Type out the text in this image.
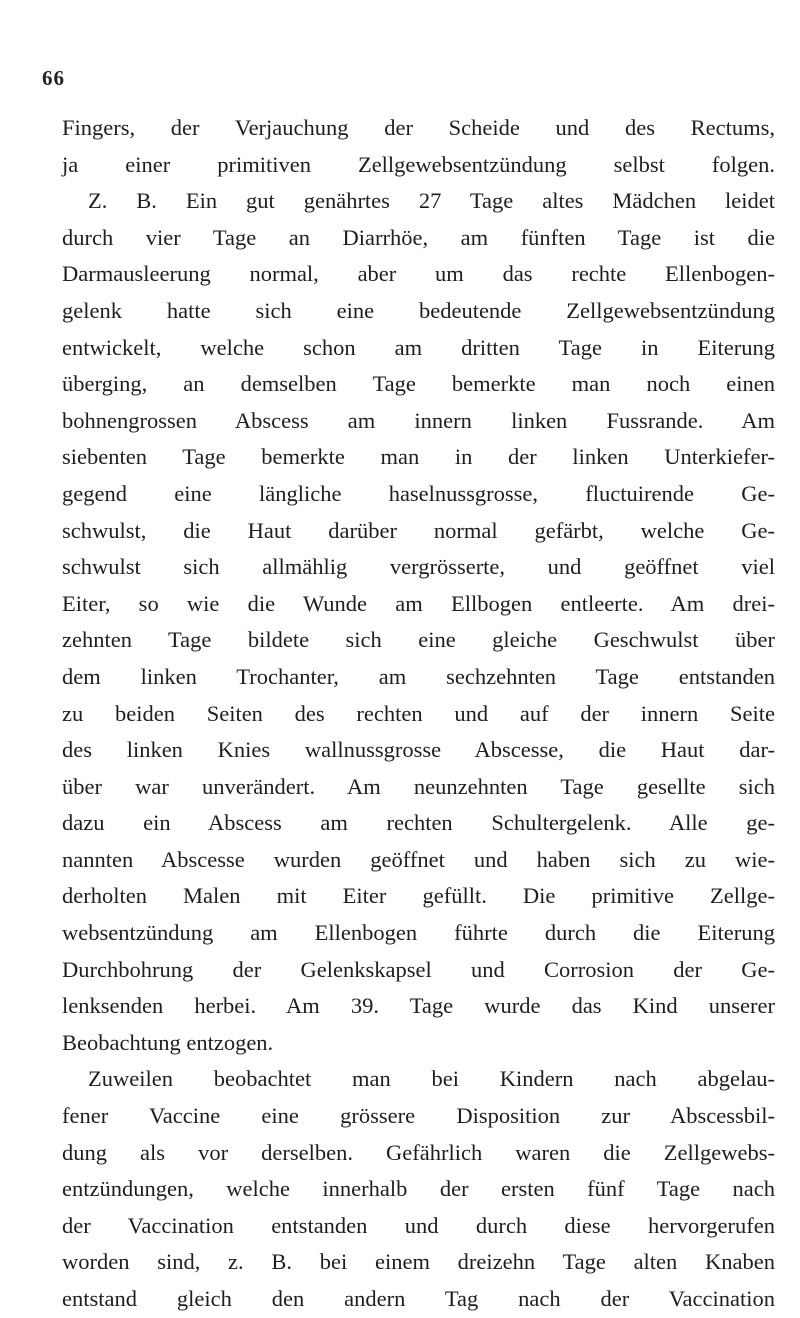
66
Fingers, der Verjauchung der Scheide und des Rectums,
ja einer primitiven Zellgewebsentzündung selbst folgen.
Z. B. Ein gut genährtes 27 Tage altes Mädchen leidet
durch vier Tage an Diarrhöe, am fünften Tage ist die
Darmausleerung normal, aber um das rechte Ellenbogen-
gelenk hatte sich eine bedeutende Zellgewebsentzündung
entwickelt, welche schon am dritten Tage in Eiterung
überging, an demselben Tage bemerkte man noch einen
bohnengrossen Abscess am innern linken Fussrande. Am
siebenten Tage bemerkte man in der linken Unterkiefer-
gegend eine längliche haselnussgrosse, fluctuirende Ge-
schwulst, die Haut darüber normal gefärbt, welche Ge-
schwulst sich allmählig vergrösserte, und geöffnet viel
Eiter, so wie die Wunde am Ellbogen entleerte. Am drei-
zehnten Tage bildete sich eine gleiche Geschwulst über
dem linken Trochanter, am sechzehnten Tage entstanden
zu beiden Seiten des rechten und auf der innern Seite
des linken Knies wallnussgrosse Abscesse, die Haut dar-
über war unverändert. Am neunzehnten Tage gesellte sich
dazu ein Abscess am rechten Schultergelenk. Alle ge-
nannten Abscesse wurden geöffnet und haben sich zu wie-
derholten Malen mit Eiter gefüllt. Die primitive Zellge-
websentzündung am Ellenbogen führte durch die Eiterung
Durchbohrung der Gelenkskapsel und Corrosion der Ge-
lenksenden herbei. Am 39. Tage wurde das Kind unserer
Beobachtung entzogen.
Zuweilen beobachtet man bei Kindern nach abgelau-
fener Vaccine eine grössere Disposition zur Abscessbil-
dung als vor derselben. Gefährlich waren die Zellgewebs-
entzündungen, welche innerhalb der ersten fünf Tage nach
der Vaccination entstanden und durch diese hervorgerufen
worden sind, z. B. bei einem dreizehn Tage alten Knaben
entstand gleich den andern Tag nach der Vaccination
